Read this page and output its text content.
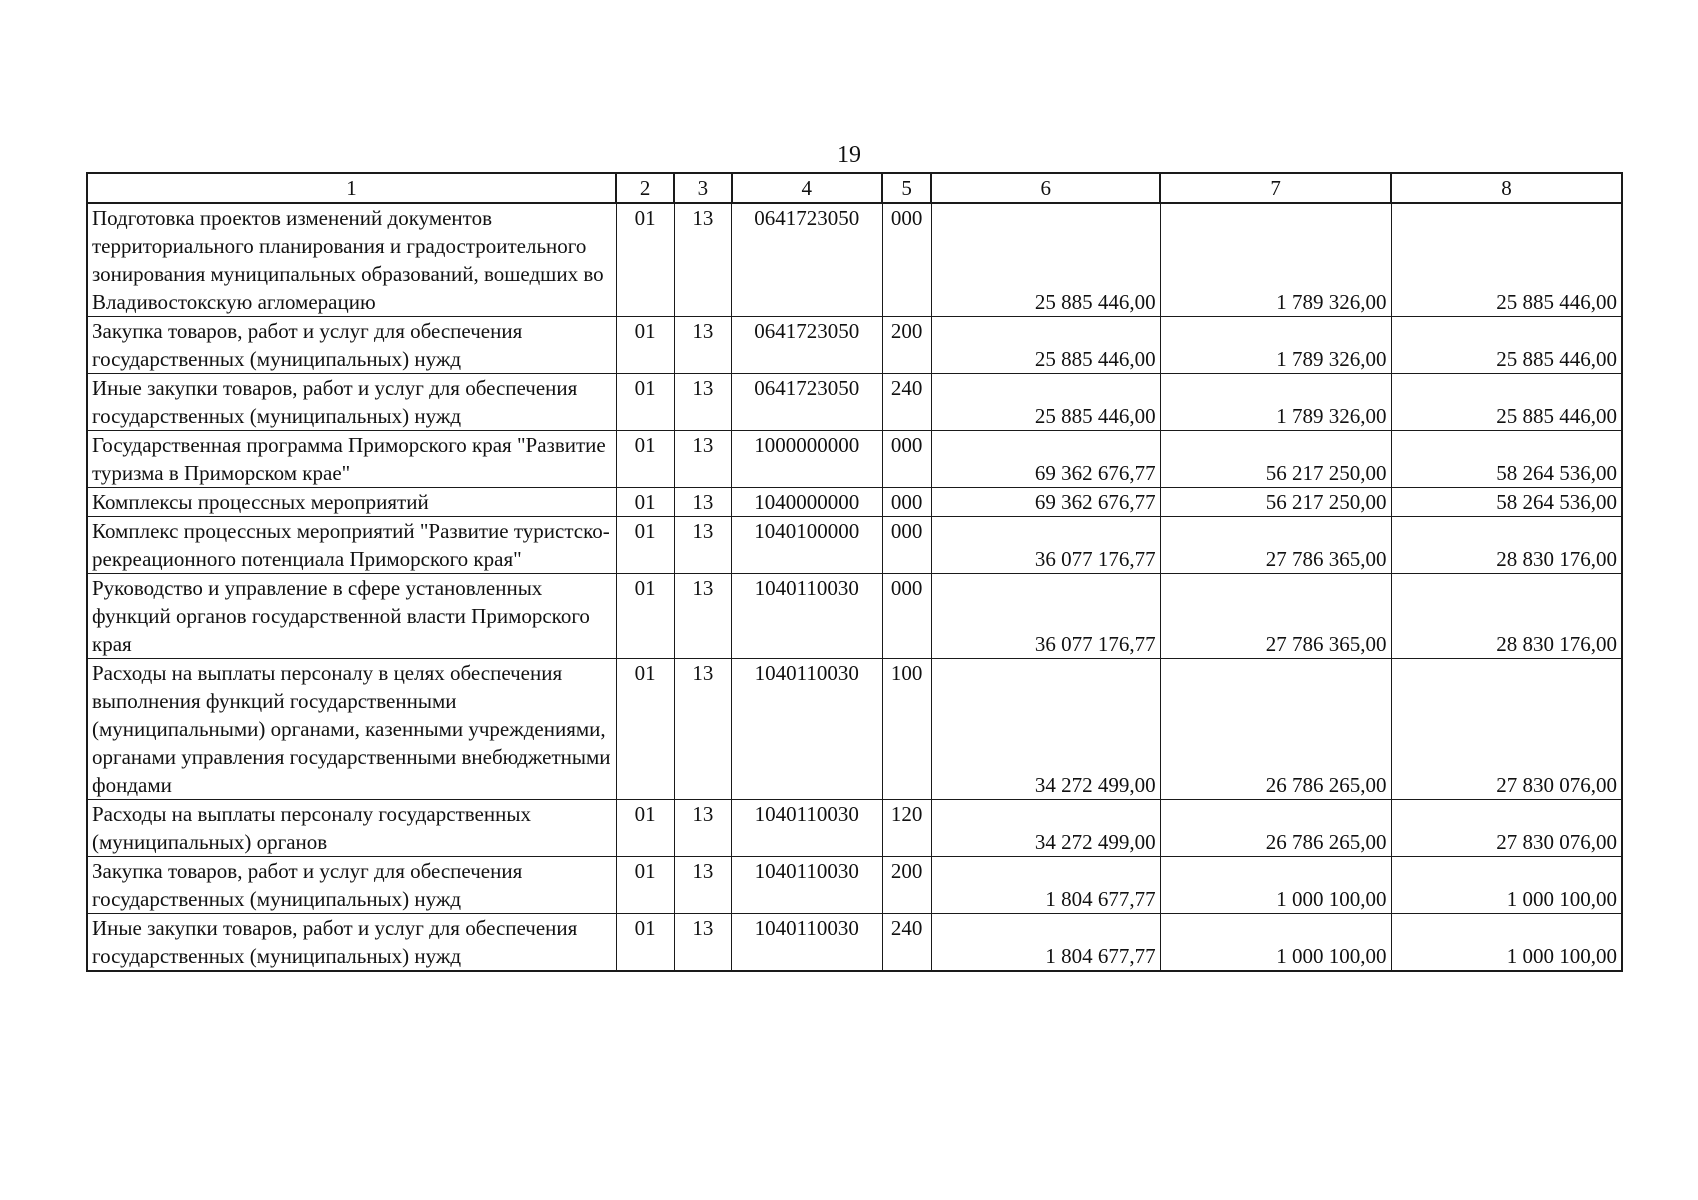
19
1	2	3	4	5	6	7	8
Подготовка проектов изменений документов территориального планирования и градостроительного зонирования муниципальных образований, вошедших во Владивостокскую агломерацию	01	13	0641723050	000	25 885 446,00	1 789 326,00	25 885 446,00
Закупка товаров, работ и услуг для обеспечения государственных (муниципальных) нужд	01	13	0641723050	200	25 885 446,00	1 789 326,00	25 885 446,00
Иные закупки товаров, работ и услуг для обеспечения государственных (муниципальных) нужд	01	13	0641723050	240	25 885 446,00	1 789 326,00	25 885 446,00
Государственная программа Приморского края "Развитие туризма в Приморском крае"	01	13	1000000000	000	69 362 676,77	56 217 250,00	58 264 536,00
Комплексы процессных мероприятий	01	13	1040000000	000	69 362 676,77	56 217 250,00	58 264 536,00
Комплекс процессных мероприятий "Развитие туристско-рекреационного потенциала Приморского края"	01	13	1040100000	000	36 077 176,77	27 786 365,00	28 830 176,00
Руководство и управление в сфере установленных функций органов государственной власти Приморского края	01	13	1040110030	000	36 077 176,77	27 786 365,00	28 830 176,00
Расходы на выплаты персоналу в целях обеспечения выполнения функций государственными (муниципальными) органами, казенными учреждениями, органами управления государственными внебюджетными фондами	01	13	1040110030	100	34 272 499,00	26 786 265,00	27 830 076,00
Расходы на выплаты персоналу государственных (муниципальных) органов	01	13	1040110030	120	34 272 499,00	26 786 265,00	27 830 076,00
Закупка товаров, работ и услуг для обеспечения государственных (муниципальных) нужд	01	13	1040110030	200	1 804 677,77	1 000 100,00	1 000 100,00
Иные закупки товаров, работ и услуг для обеспечения государственных (муниципальных) нужд	01	13	1040110030	240	1 804 677,77	1 000 100,00	1 000 100,00
